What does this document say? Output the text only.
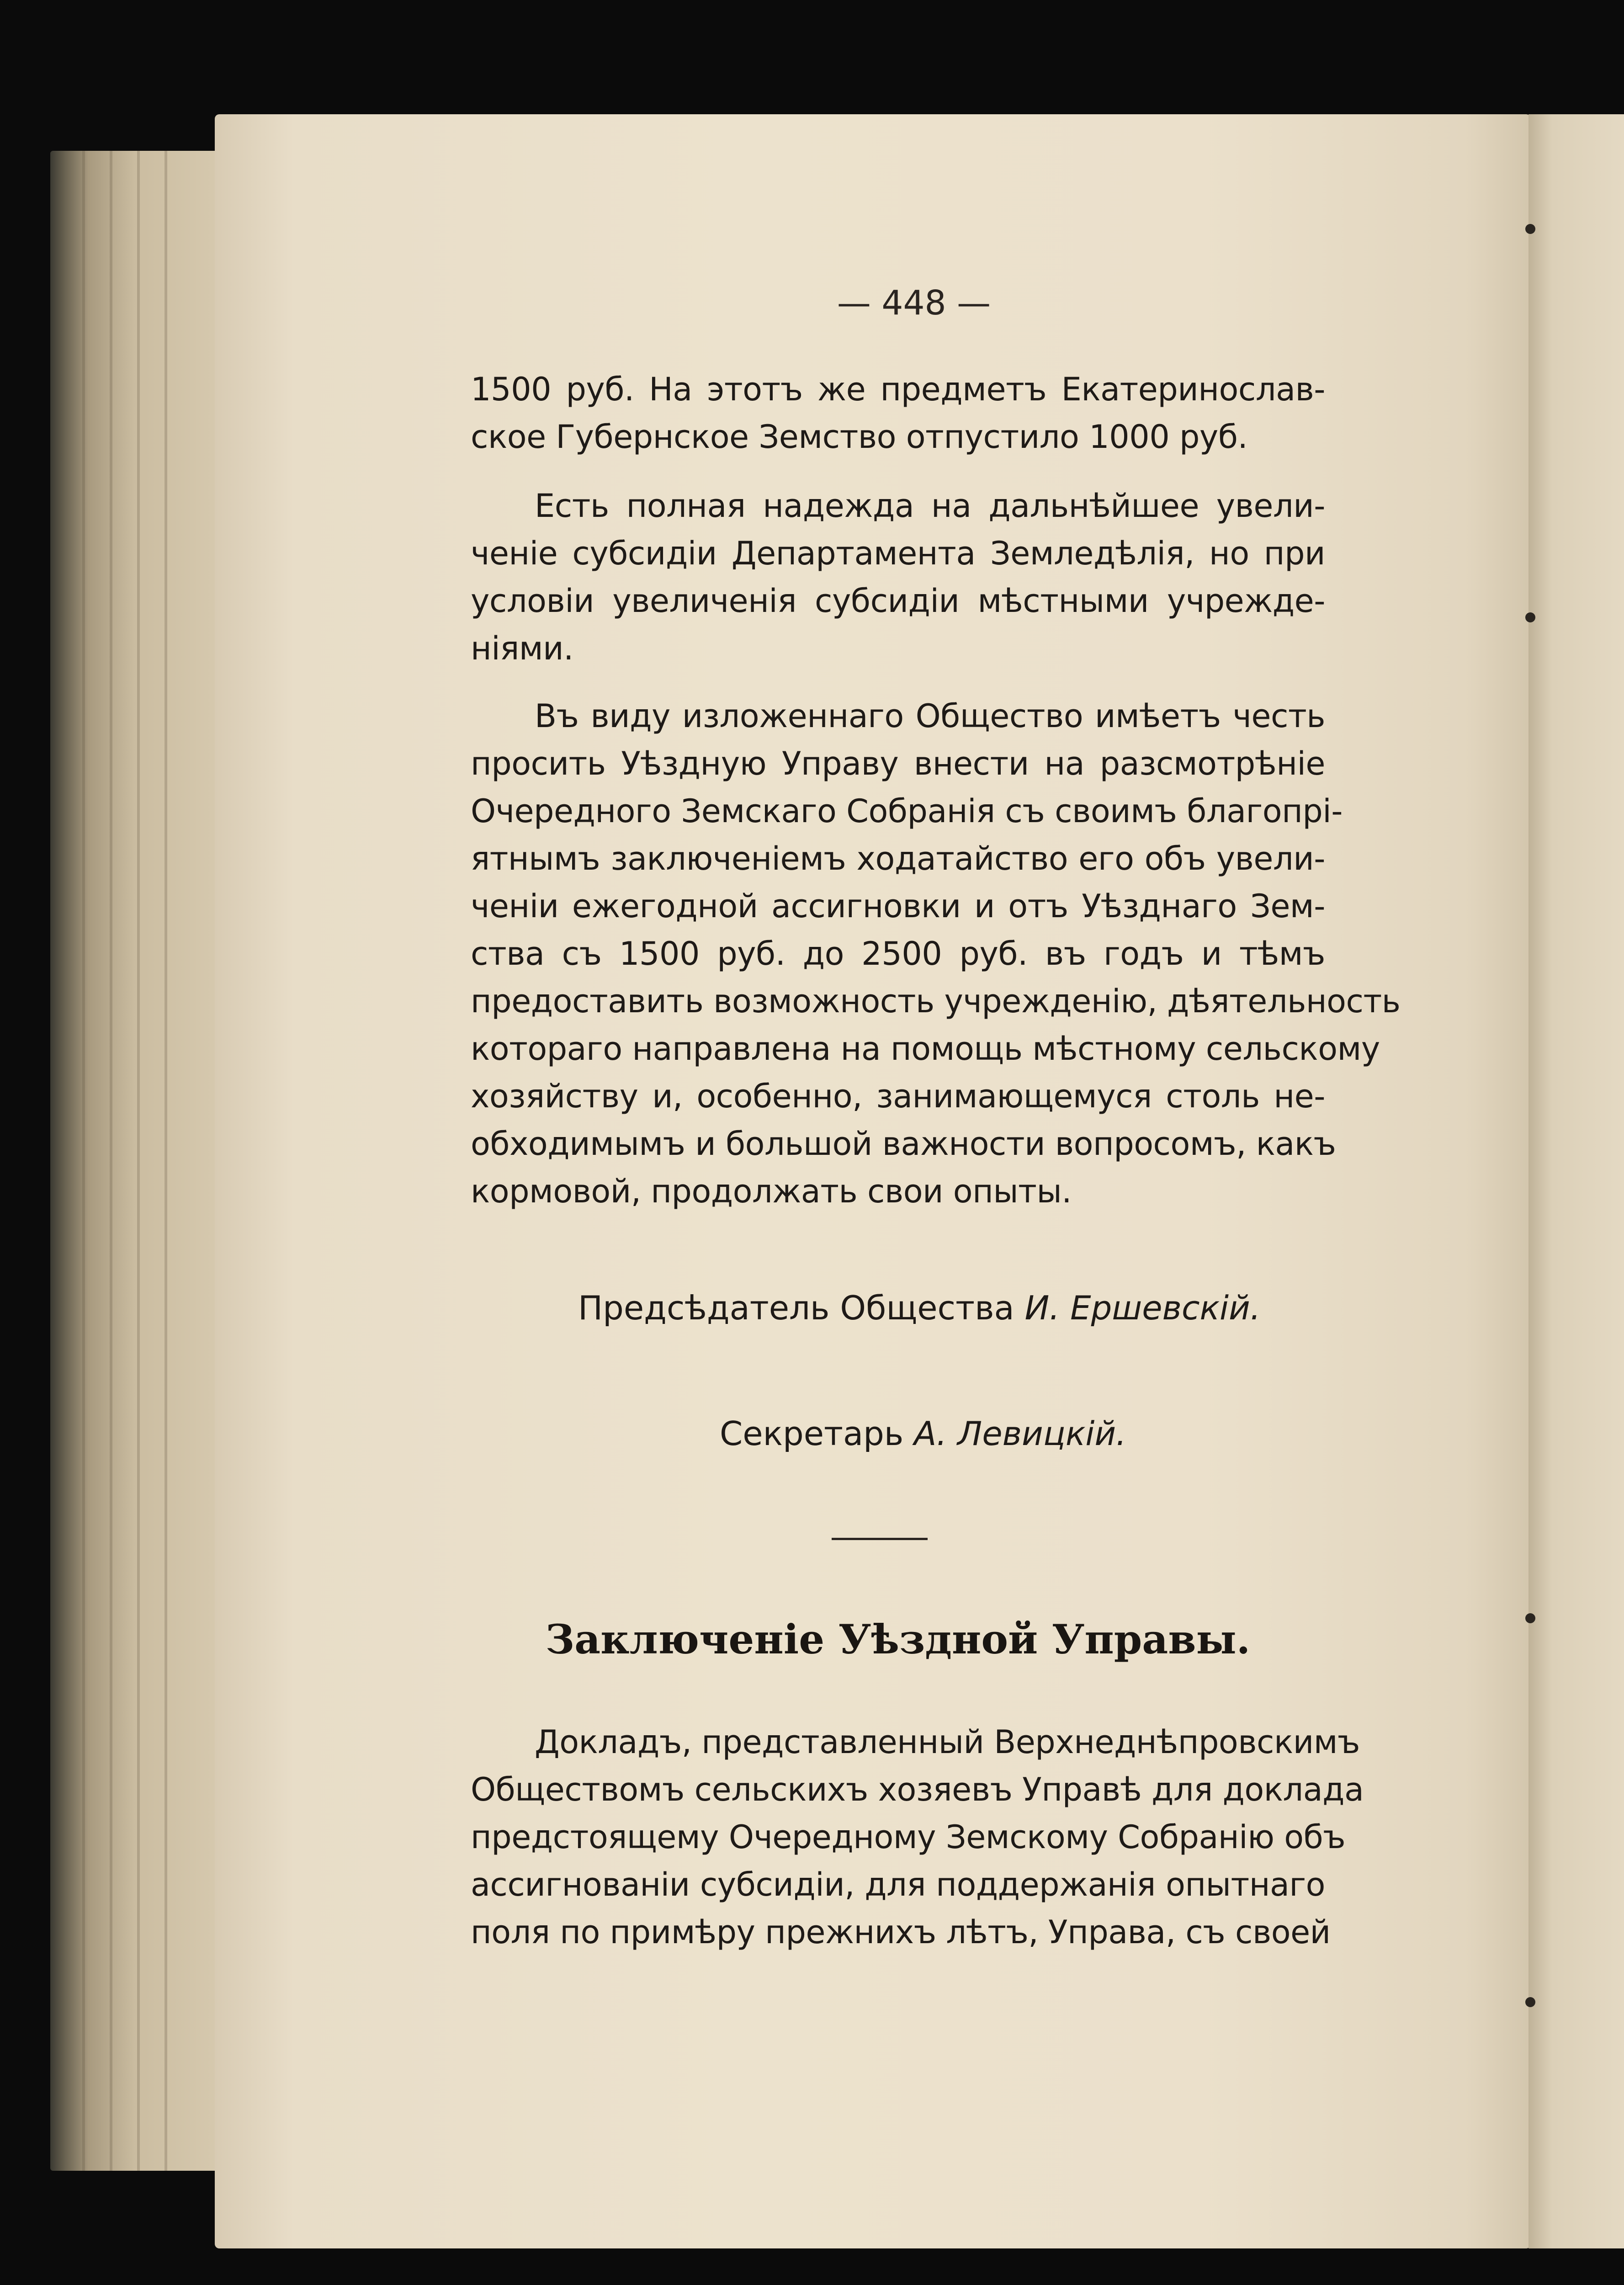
— 448 —
1500 руб. На этотъ же предметъ Екатеринослав-
ское Губернское Земство отпустило 1000 руб.
Есть полная надежда на дальнѣйшее увели-
ченіе субсидіи Департамента Земледѣлія, но при
условіи увеличенія субсидіи мѣстными учрежде-
ніями.
Въ виду изложеннаго Общество имѣетъ честь
просить Уѣздную Управу внести на разсмотрѣніе
Очередного Земскаго Собранія съ своимъ благопрі-
ятнымъ заключеніемъ ходатайство его объ увели-
ченіи ежегодной ассигновки и отъ Уѣзднаго Зем-
ства съ 1500 руб. до 2500 руб. въ годъ и тѣмъ
предоставить возможность учрежденію, дѣятельность
котораго направлена на помощь мѣстному сельскому
хозяйству и, особенно, занимающемуся столь не-
обходимымъ и большой важности вопросомъ, какъ
кормовой, продолжать свои опыты.
Предсѣдатель Общества И. Ершевскій.
Секретарь А. Левицкій.
Заключеніе Уѣздной Управы.
Докладъ, представленный Верхнеднѣпровскимъ
Обществомъ сельскихъ хозяевъ Управѣ для доклада
предстоящему Очередному Земскому Собранію объ
ассигнованіи субсидіи, для поддержанія опытнаго
поля по примѣру прежнихъ лѣтъ, Управа, съ своей
